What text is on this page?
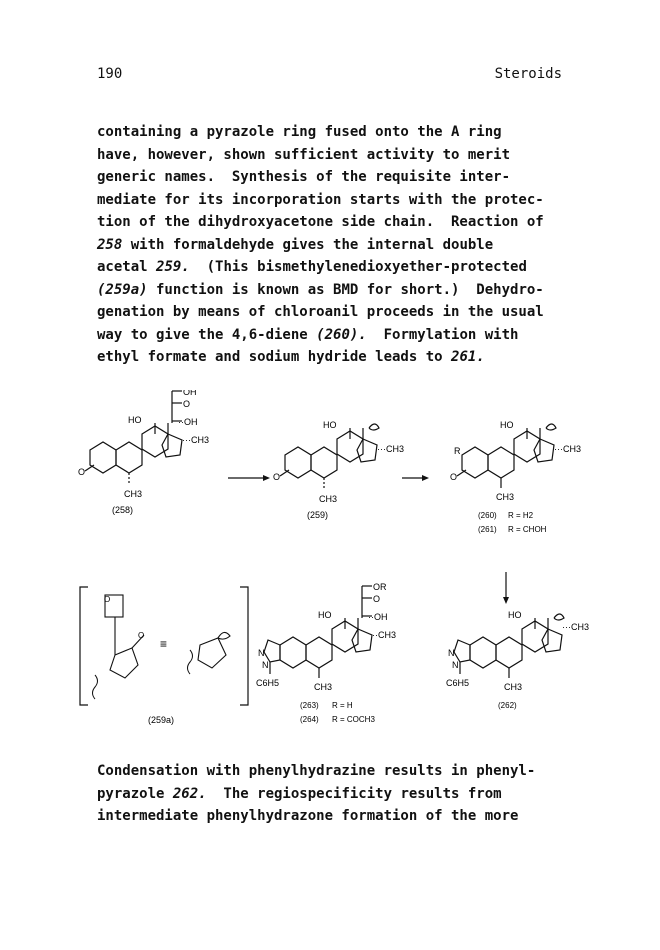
190	Steroids
containing a pyrazole ring fused onto the A ring
have, however, shown sufficient activity to merit
generic names.  Synthesis of the requisite inter-
mediate for its incorporation starts with the protec-
tion of the dihydroxyacetone side chain.  Reaction of
258 with formaldehyde gives the internal double
acetal 259.  (This bismethylenedioxyether-protected
(259a) function is known as BMD for short.)  Dehydro-
genation by means of chloroanil proceeds in the usual
way to give the 4,6-diene (260).  Formylation with
ethyl formate and sodium hydride leads to 261.
OH
O
··OH
···CH3
HO
O
CH3
(258)
HO
···CH3
O
CH3
(259)
HO
···CH3
R
O
CH3
(260) R = H2
(261) R = CHOH
O
O
≡
(259a)
OR
O
··OH
··CH3
HO
N
N
C6H5	CH3
(263) R = H
(264) R = COCH3
HO
···CH3
N
N
C6H5	CH3
(262)
Condensation with phenylhydrazine results in phenyl-
pyrazole 262.  The regiospecificity results from
intermediate phenylhydrazone formation of the more
